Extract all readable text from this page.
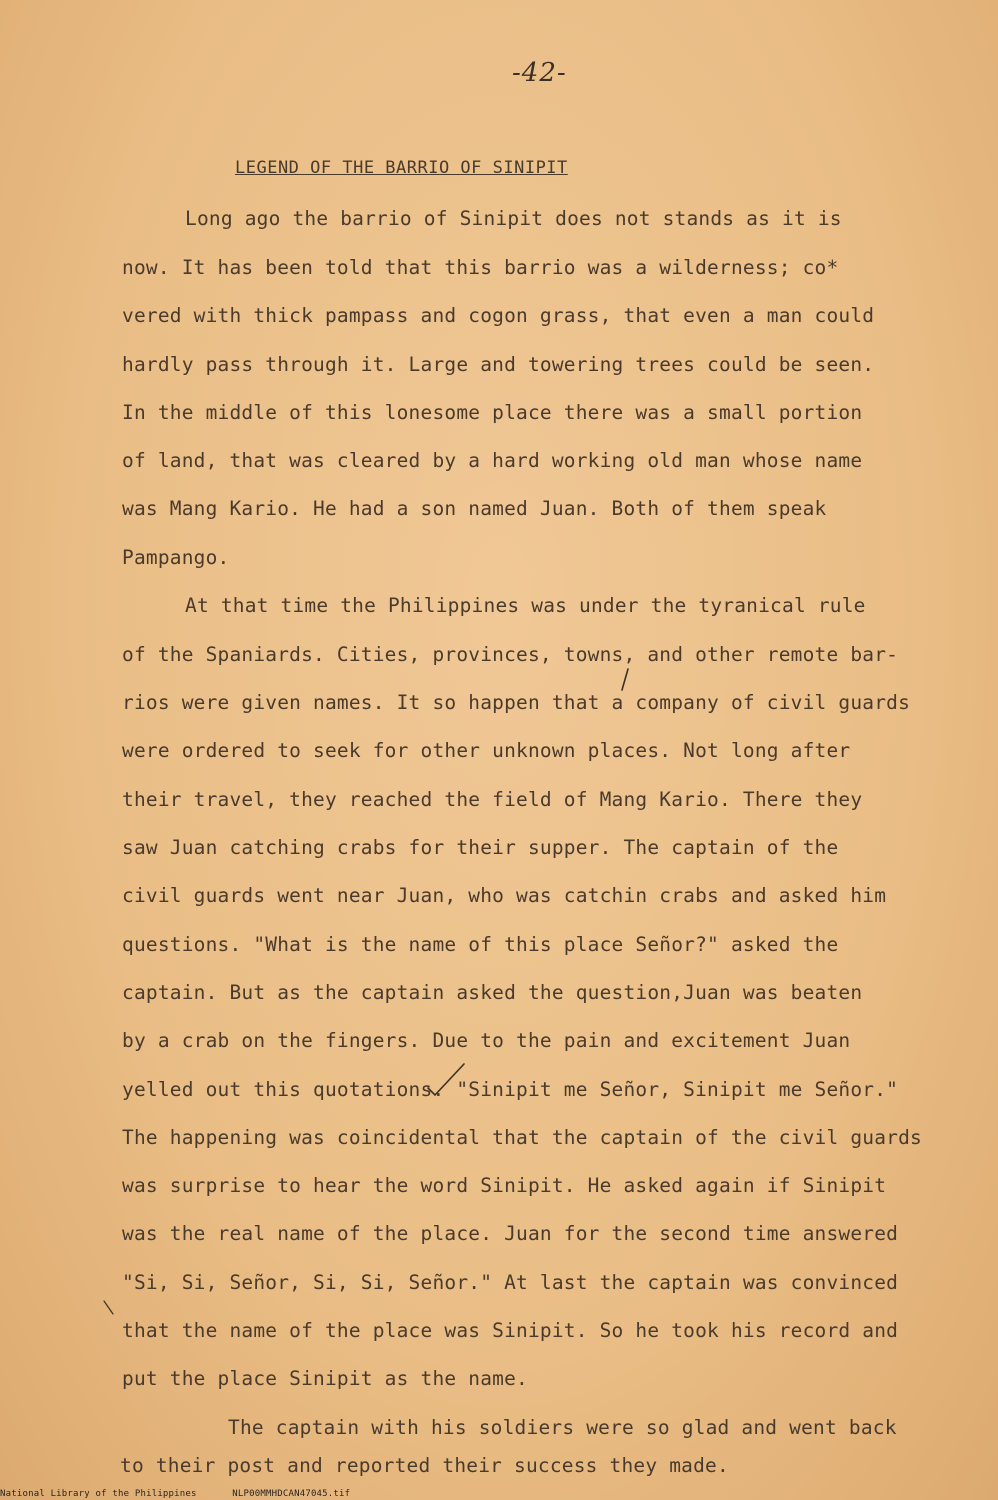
-42-
LEGEND OF THE BARRIO OF SINIPIT
Long ago the barrio of Sinipit does not stands as it is
now. It has been told that this barrio was a wilderness; co*
vered with thick pampass and cogon grass, that even a man could
hardly pass through it. Large and towering trees could be seen.
In the middle of this lonesome place there was a small portion
of land, that was cleared by a hard working old man whose name
was Mang Kario. He had a son named Juan. Both of them speak
Pampango.
At that time the Philippines was under the tyranical rule
of the Spaniards. Cities, provinces, towns, and other remote bar-
rios were given names. It so happen that a company of civil guards
were ordered to seek for other unknown places. Not long after
their travel, they reached the field of Mang Kario. There they
saw Juan catching crabs for their supper. The captain of the
civil guards went near Juan, who was catchin crabs and asked him
questions. "What is the name of this place Señor?" asked the
captain. But as the captain asked the question,Juan was beaten
by a crab on the fingers. Due to the pain and excitement Juan
yelled out this quotations. "Sinipit me Señor, Sinipit me Señor."
The happening was coincidental that the captain of the civil guards
was surprise to hear the word Sinipit. He asked again if Sinipit
was the real name of the place. Juan for the second time answered
"Si, Si, Señor, Si, Si, Señor." At last the captain was convinced
that the name of the place was Sinipit. So he took his record and
put the place Sinipit as the name.
The captain with his soldiers were so glad and went back
to their post and reported their success they made.
National Library of the Philippines	NLP00MMHDCAN47045.tif
